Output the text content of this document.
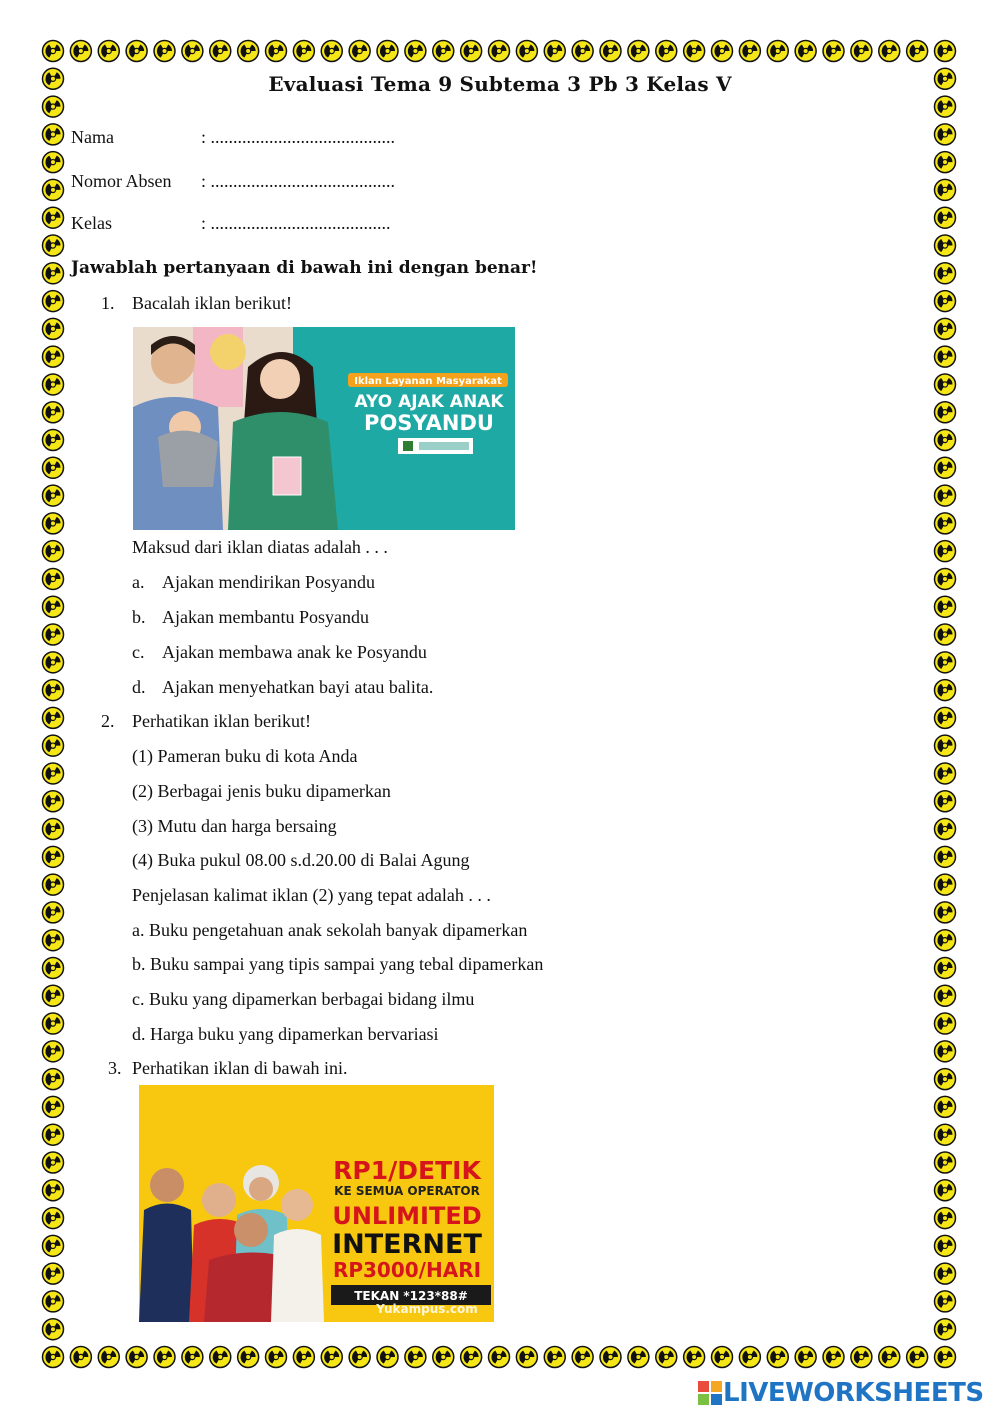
Evaluasi Tema 9 Subtema 3 Pb 3 Kelas V
Nama	: .........................................
Nomor Absen : .........................................
Kelas	: ........................................
Jawablah pertanyaan di bawah ini dengan benar!
1. Bacalah iklan berikut!
Iklan Layanan Masyarakat
AYO AJAK ANAK
POSYANDU
Maksud dari iklan diatas adalah . . .
a. Ajakan mendirikan Posyandu
b. Ajakan membantu Posyandu
c. Ajakan membawa anak ke Posyandu
d. Ajakan menyehatkan bayi atau balita.
2. Perhatikan iklan berikut!
(1) Pameran buku di kota Anda
(2) Berbagai jenis buku dipamerkan
(3) Mutu dan harga bersaing
(4) Buka pukul 08.00 s.d.20.00 di Balai Agung
Penjelasan kalimat iklan (2) yang tepat adalah . . .
a. Buku pengetahuan anak sekolah banyak dipamerkan
b. Buku sampai yang tipis sampai yang tebal dipamerkan
c. Buku yang dipamerkan berbagai bidang ilmu
d. Harga buku yang dipamerkan bervariasi
3. Perhatikan iklan di bawah ini.
RP1/DETIK
KE SEMUA OPERATOR
UNLIMITED
INTERNET
RP3000/HARI
TEKAN *123*88#
Yukampus.com
LIVEWORKSHEETS
